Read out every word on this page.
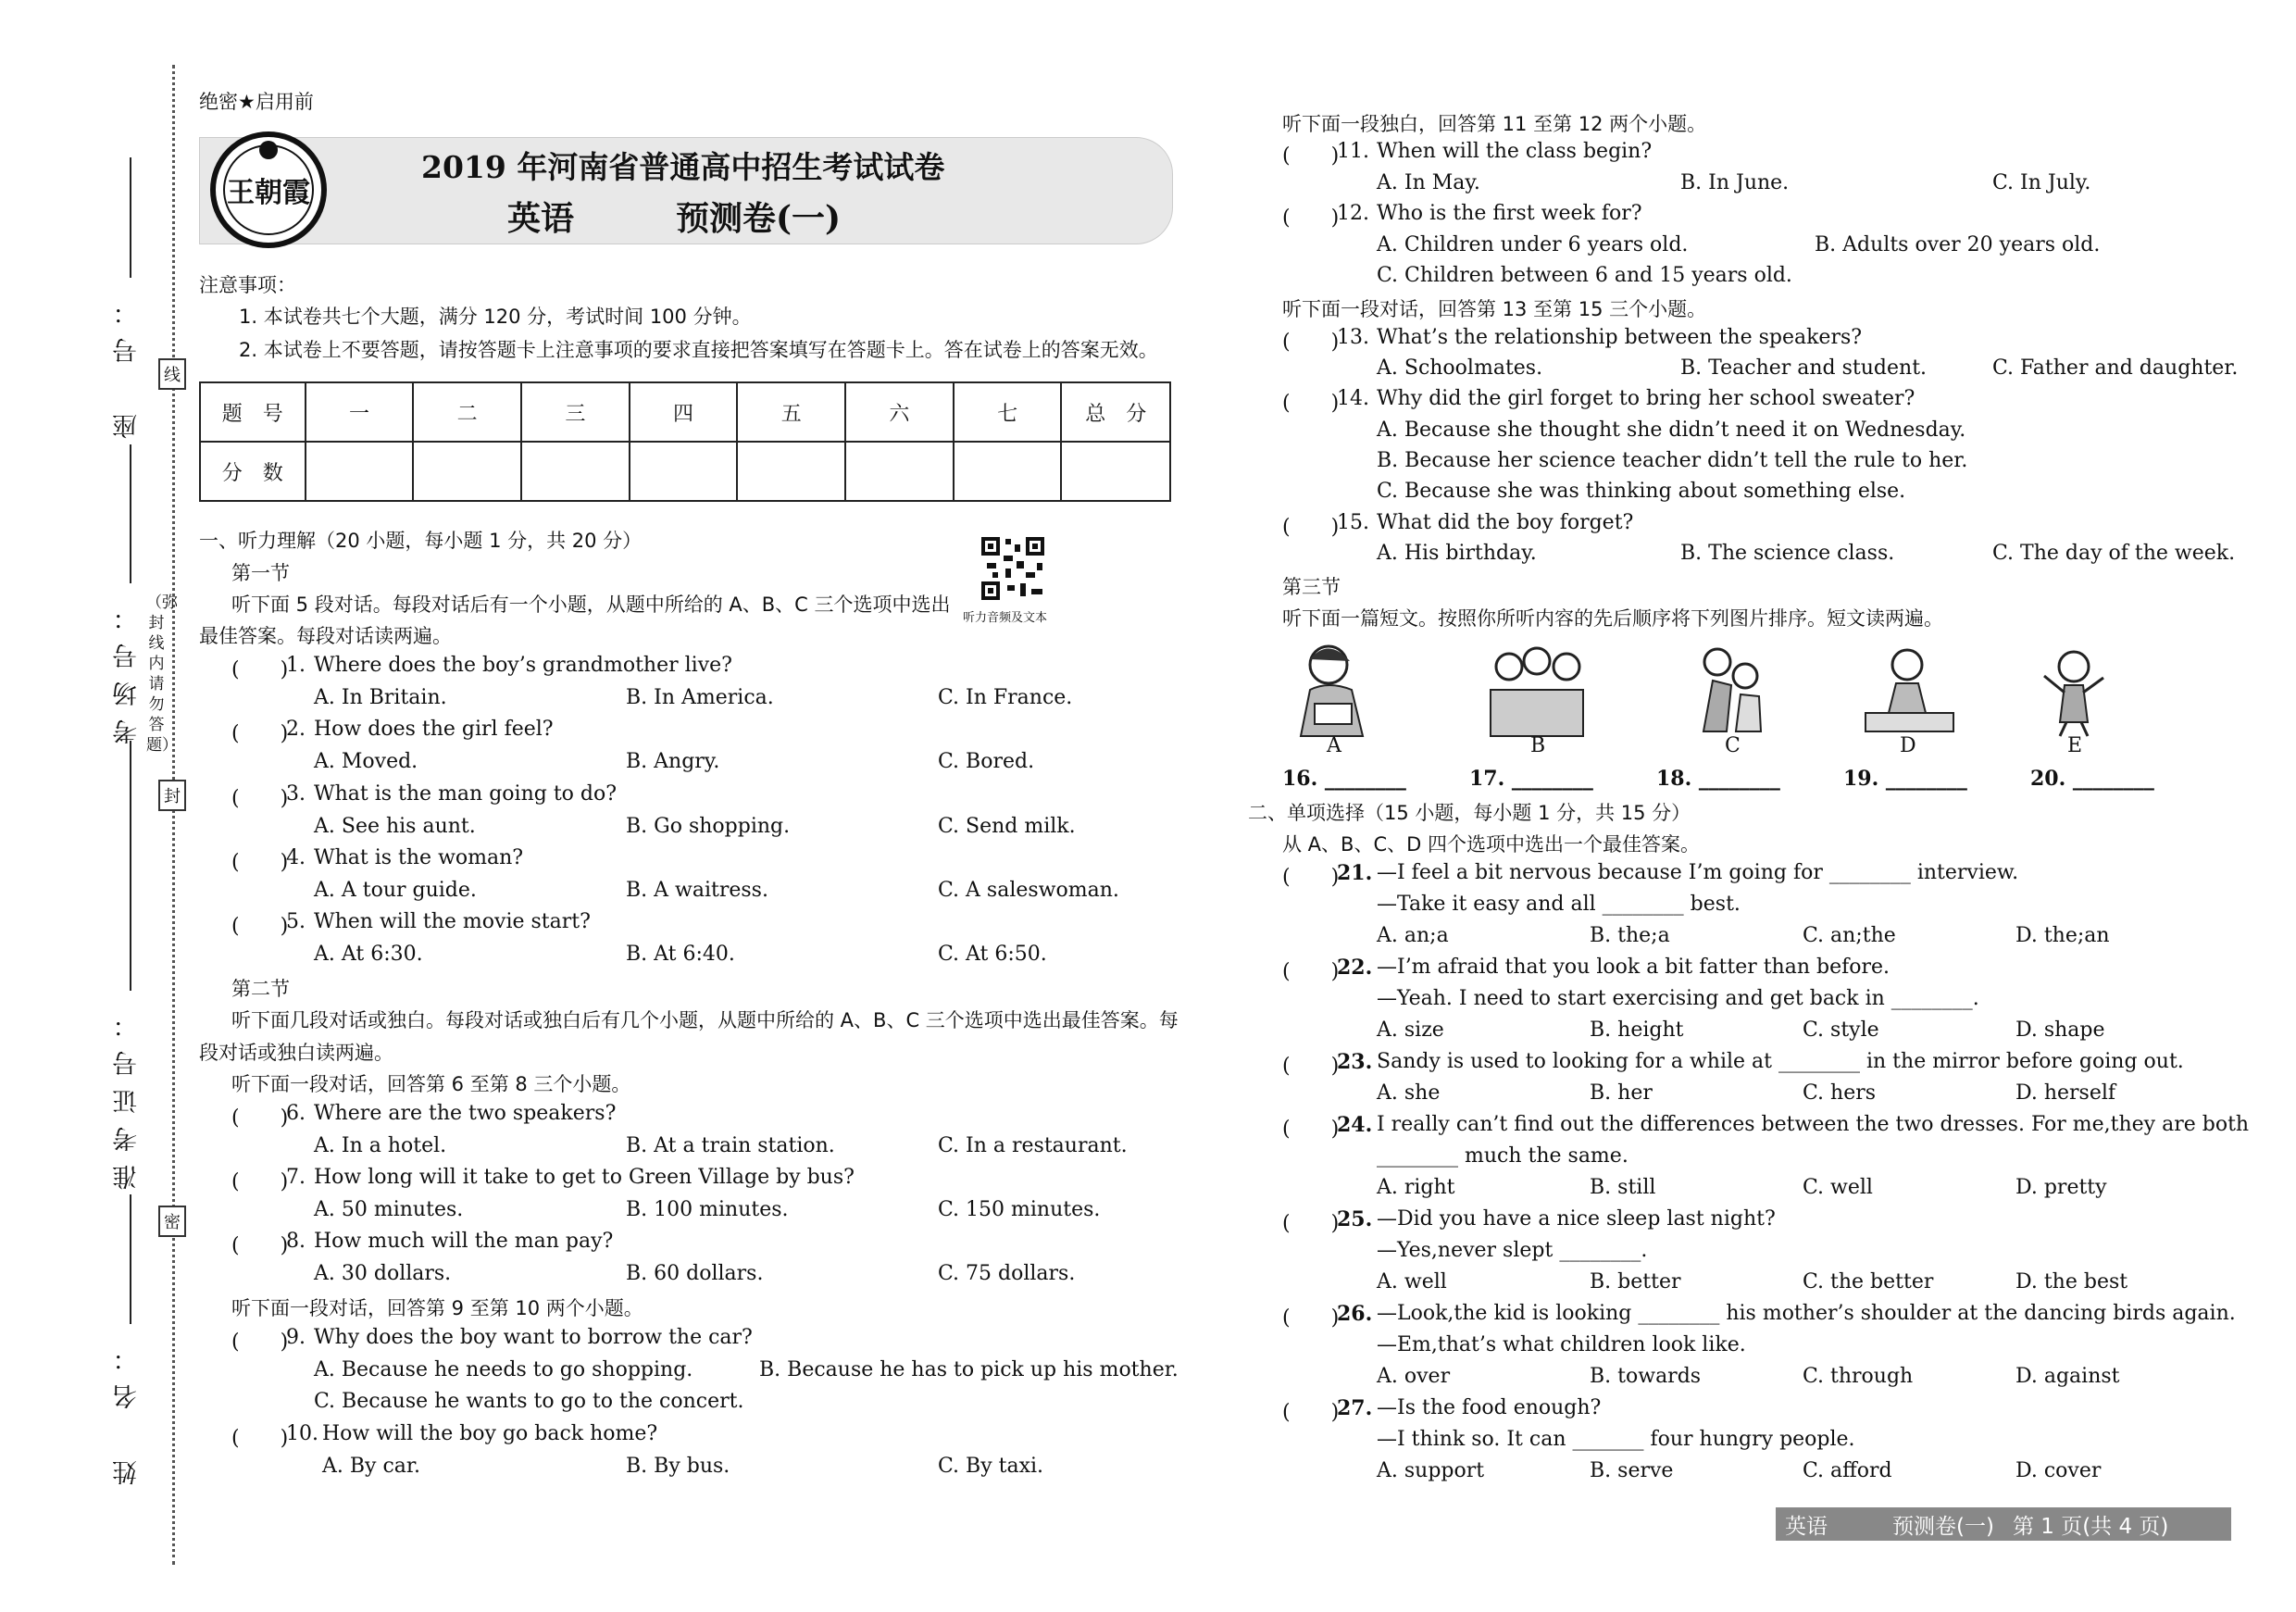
座　号：
考场号：
准考证号：
姓　名：
线
封
密
（弥封线内请勿答题）
绝密★启用前
王朝霞
2019 年河南省普通高中招生考试试卷
英语	预测卷(一)
注意事项：
1. 本试卷共七个大题，满分 120 分，考试时间 100 分钟。
2. 本试卷上不要答题，请按答题卡上注意事项的要求直接把答案填写在答题卡上。答在试卷上的答案无效。
题　号	一	二	三	四	五	六	七	总　分
分　数								
一、听力理解（20 小题，每小题 1 分，共 20 分）
听力音频及文本
第一节
听下面 5 段对话。每段对话后有一个小题，从题中所给的 A、B、C 三个选项中选出
最佳答案。每段对话读两遍。
(　　)
1. Where does the boy’s grandmother live?
A. In Britain.	B. In America.	C. In France.
(　　)
2. How does the girl feel?
A. Moved.	B. Angry.	C. Bored.
(　　)
3. What is the man going to do?
A. See his aunt.	B. Go shopping.	C. Send milk.
(　　)
4. What is the woman?
A. A tour guide.	B. A waitress.	C. A saleswoman.
(　　)
5. When will the movie start?
A. At 6:30.	B. At 6:40.	C. At 6:50.
第二节
听下面几段对话或独白。每段对话或独白后有几个小题，从题中所给的 A、B、C 三个选项中选出最佳答案。每
段对话或独白读两遍。
听下面一段对话，回答第 6 至第 8 三个小题。
(　　)
6. Where are the two speakers?
A. In a hotel.	B. At a train station.	C. In a restaurant.
(　　)
7. How long will it take to get to Green Village by bus?
A. 50 minutes.	B. 100 minutes.	C. 150 minutes.
(　　)
8. How much will the man pay?
A. 30 dollars.	B. 60 dollars.	C. 75 dollars.
听下面一段对话，回答第 9 至第 10 两个小题。
(　　)
9. Why does the boy want to borrow the car?
A. Because he needs to go shopping.	B. Because he has to pick up his mother.
C. Because he wants to go to the concert.
(　　)
10. How will the boy go back home?
A. By car.	B. By bus.	C. By taxi.
听下面一段独白，回答第 11 至第 12 两个小题。
(　　)
11. When will the class begin?
A. In May.	B. In June.	C. In July.
(　　)
12. Who is the first week for?
A. Children under 6 years old.	B. Adults over 20 years old.
C. Children between 6 and 15 years old.
听下面一段对话，回答第 13 至第 15 三个小题。
(　　)
13. What’s the relationship between the speakers?
A. Schoolmates.	B. Teacher and student.	C. Father and daughter.
(　　)
14. Why did the girl forget to bring her school sweater?
A. Because she thought she didn’t need it on Wednesday.
B. Because her science teacher didn’t tell the rule to her.
C. Because she was thinking about something else.
(　　)
15. What did the boy forget?
A. His birthday.	B. The science class.	C. The day of the week.
第三节
听下面一篇短文。按照你所听内容的先后顺序将下列图片排序。短文读两遍。
A	B	C	D	E
16. ________	17. ________	18. ________	19. ________	20. ________
二、单项选择（15 小题，每小题 1 分，共 15 分）
从 A、B、C、D 四个选项中选出一个最佳答案。
(　　)
21. —I feel a bit nervous because I’m going for ________ interview.
—Take it easy and all ________ best.
A. an;a	B. the;a	C. an;the	D. the;an
(　　)
22. —I’m afraid that you look a bit fatter than before.
—Yeah. I need to start exercising and get back in ________.
A. size	B. height	C. style	D. shape
(　　)
23. Sandy is used to looking for a while at ________ in the mirror before going out.
A. she	B. her	C. hers	D. herself
(　　)
24. I really can’t find out the differences between the two dresses. For me,they are both
________ much the same.
A. right	B. still	C. well	D. pretty
(　　)
25. —Did you have a nice sleep last night?
—Yes,never slept ________.
A. well	B. better	C. the better	D. the best
(　　)
26. —Look,the kid is looking ________ his mother’s shoulder at the dancing birds again.
—Em,that’s what children look like.
A. over	B. towards	C. through	D. against
(　　)
27. —Is the food enough?
—I think so. It can _______ four hungry people.
A. support	B. serve	C. afford	D. cover
英语	预测卷(一) 第 1 页(共 4 页)
